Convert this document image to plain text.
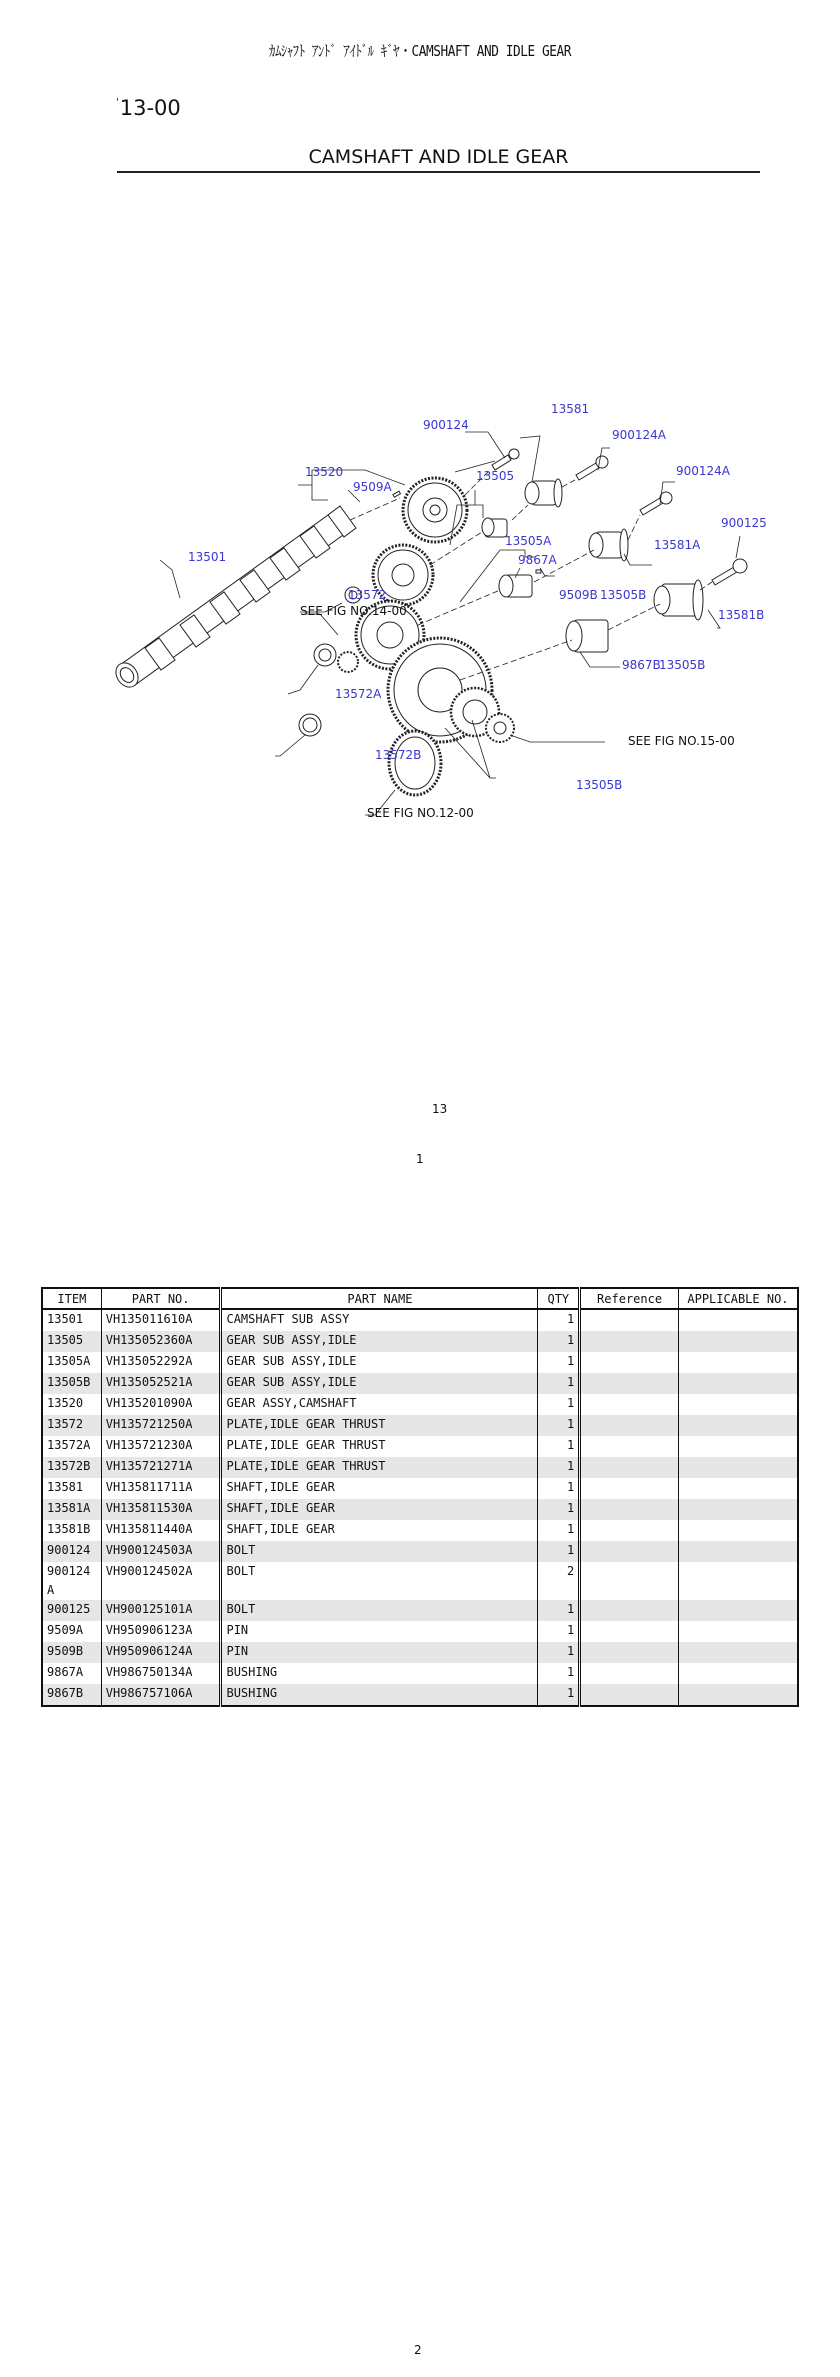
ｶﾑｼｬﾌﾄ ｱﾝﾄﾞ ｱｲﾄﾞﾙ ｷﾞﾔ・CAMSHAFT AND IDLE GEAR
'13-00
CAMSHAFT AND IDLE GEAR
900124
13581
900124A
900124A
13520
9509A
13505
900125
13505A	13581A
9867A
13501
13572
SEE FIG NO.14-00
9509B 13505B
13581B
9867B
13505B
13572A
SEE FIG NO.15-00
13572B
13505B
SEE FIG NO.12-00
13
1
ITEM	PART NO.	PART NAME	QTY	Reference	APPLICABLE NO.
13501	VH135011610A	CAMSHAFT SUB ASSY	1		
13505	VH135052360A	GEAR SUB ASSY,IDLE	1		
13505A	VH135052292A	GEAR SUB ASSY,IDLE	1		
13505B	VH135052521A	GEAR SUB ASSY,IDLE	1		
13520	VH135201090A	GEAR ASSY,CAMSHAFT	1		
13572	VH135721250A	PLATE,IDLE GEAR THRUST	1		
13572A	VH135721230A	PLATE,IDLE GEAR THRUST	1		
13572B	VH135721271A	PLATE,IDLE GEAR THRUST	1		
13581	VH135811711A	SHAFT,IDLE GEAR	1		
13581A	VH135811530A	SHAFT,IDLE GEAR	1		
13581B	VH135811440A	SHAFT,IDLE GEAR	1		
900124	VH900124503A	BOLT	1		
900124A	VH900124502A	BOLT	2		
900125	VH900125101A	BOLT	1		
9509A	VH950906123A	PIN	1		
9509B	VH950906124A	PIN	1		
9867A	VH986750134A	BUSHING	1		
9867B	VH986757106A	BUSHING	1		
2
